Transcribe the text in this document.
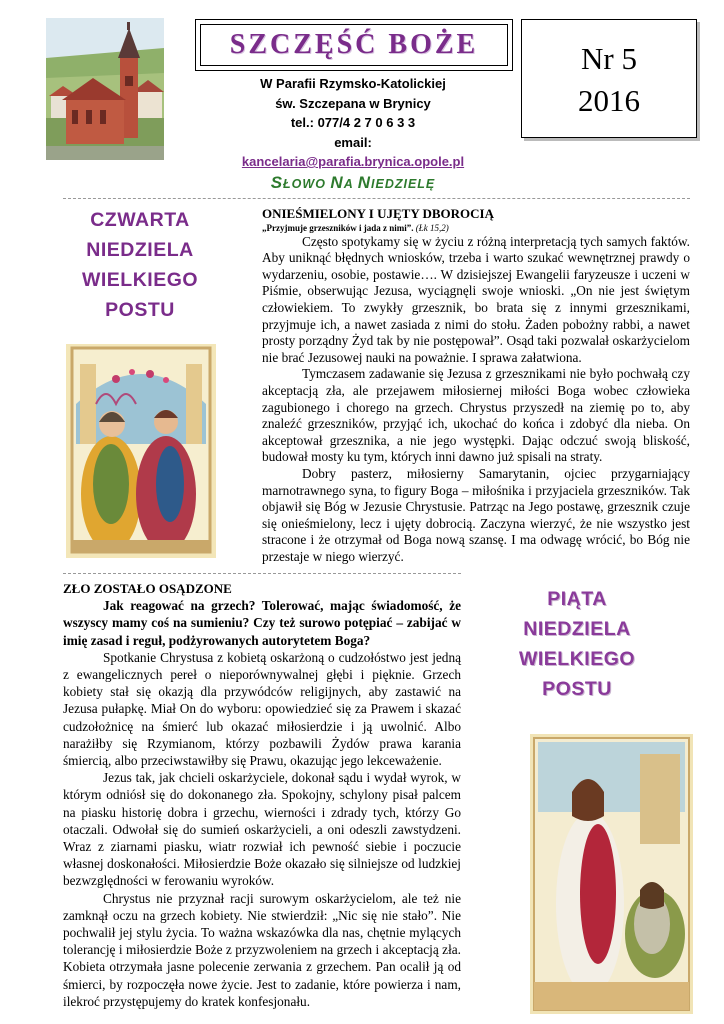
SZCZĘŚĆ BOŻE	Nr 5
2016
W Parafii Rzymsko-Katolickiej
św. Szczepana w Brynicy
tel.: 077/4 2 7 0 6 3 3
email:
kancelaria@parafia.brynica.opole.pl
SŁOWO NA NIEDZIELĘ
CZWARTA
NIEDZIELA
WIELKIEGO
POSTU
ONIEŚMIELONY I UJĘTY DBOROCIĄ
„Przyjmuje grzeszników i jada z nimi”. (Łk 15,2)

Często spotykamy się w życiu z różną interpretacją tych samych faktów. Aby uniknąć błędnych wniosków, trzeba i warto szukać wewnętrznej prawdy o wydarzeniu, osobie, postawie…. W dzisiejszej Ewangelii faryzeusze i uczeni w Piśmie, obserwując Jezusa, wyciągnęli swoje wnioski. „On nie jest świętym człowiekiem. To zwykły grzesznik, bo brata się z innymi grzesznikami, przyjmuje ich, a nawet zasiada z nimi do stołu. Żaden pobożny rabbi, a nawet prosty porządny Żyd tak by nie postępował”. Osąd taki pozwalał oskarżycielom nie brać Jezusowej nauki na poważnie. I sprawa załatwiona.

Tymczasem zadawanie się Jezusa z grzesznikami nie było pochwałą czy akceptacją zła, ale przejawem miłosiernej miłości Boga wobec człowieka zagubionego i chorego na grzech. Chrystus przyszedł na ziemię po to, aby znaleźć grzeszników, przyjąć ich, ukochać do końca i zdobyć dla nieba. On akceptował grzesznika, a nie jego występki. Dając odczuć swoją bliskość, budował mosty ku tym, których inni dawno już spisali na straty.

Dobry pasterz, miłosierny Samarytanin, ojciec przygarniający marnotrawnego syna, to figury Boga – miłośnika i przyjaciela grzeszników. Tak objawił się Bóg w Jezusie Chrystusie. Patrząc na Jego postawę, grzesznik czuje się onieśmielony, lecz i ujęty dobrocią. Zaczyna wierzyć, że nie wszystko jest stracone i że otrzymał od Boga nową szansę. I ma odwagę wrócić, bo Bóg nie przestaje w niego wierzyć.

ZŁO ZOSTAŁO OSĄDZONE

Jak reagować na grzech? Tolerować, mając świadomość, że wszyscy mamy coś na sumieniu? Czy też surowo potępiać – zabijać w imię zasad i reguł, podżyrowanych autorytetem Boga?

Spotkanie Chrystusa z kobietą oskarżoną o cudzołóstwo jest jedną z ewangelicznych pereł o nieporównywalnej głębi i pięknie. Grzech kobiety stał się okazją dla przywódców religijnych, aby zastawić na Jezusa pułapkę. Miał On do wyboru: opowiedzieć się za Prawem i skazać cudzołożnicę na śmierć lub okazać miłosierdzie i ją uwolnić. Albo narażiłby się Rzymianom, którzy pozbawili Żydów prawa karania śmiercią, albo przeciwstawiłby się Prawu, okazując jego lekceważenie.

Jezus tak, jak chcieli oskarżyciele, dokonał sądu i wydał wyrok, w którym odniósł się do dokonanego zła. Spokojny, schylony pisał palcem na piasku historię dobra i grzechu, wierności i zdrady tych, którzy Go otaczali. Odwołał się do sumień oskarżycieli, a oni odeszli zawstydzeni. Wraz z ziarnami piasku, wiatr rozwiał ich pewność siebie i poczucie własnej doskonałości. Miłosierdzie Boże okazało się silniejsze od ludzkiej bezwzględności w ferowaniu wyroków.

Chrystus nie przyznał racji surowym oskarżycielom, ale też nie zamknął oczu na grzech kobiety. Nie stwierdził: „Nic się nie stało”. Nie pochwalił jej stylu życia. To ważna wskazówka dla nas, chętnie mylących tolerancję i miłosierdzie Boże z przyzwoleniem na grzech i akceptacją zła. Kobieta otrzymała jasne polecenie zerwania z grzechem. Pan ocalił ją od śmierci, by rozpoczęła nowe życie. Jest to zadanie, które powierza i nam, ilekroć przystępujemy do kratek konfesjonału.

PIĄTA
NIEDZIELA
WIELKIEGO
POSTU
